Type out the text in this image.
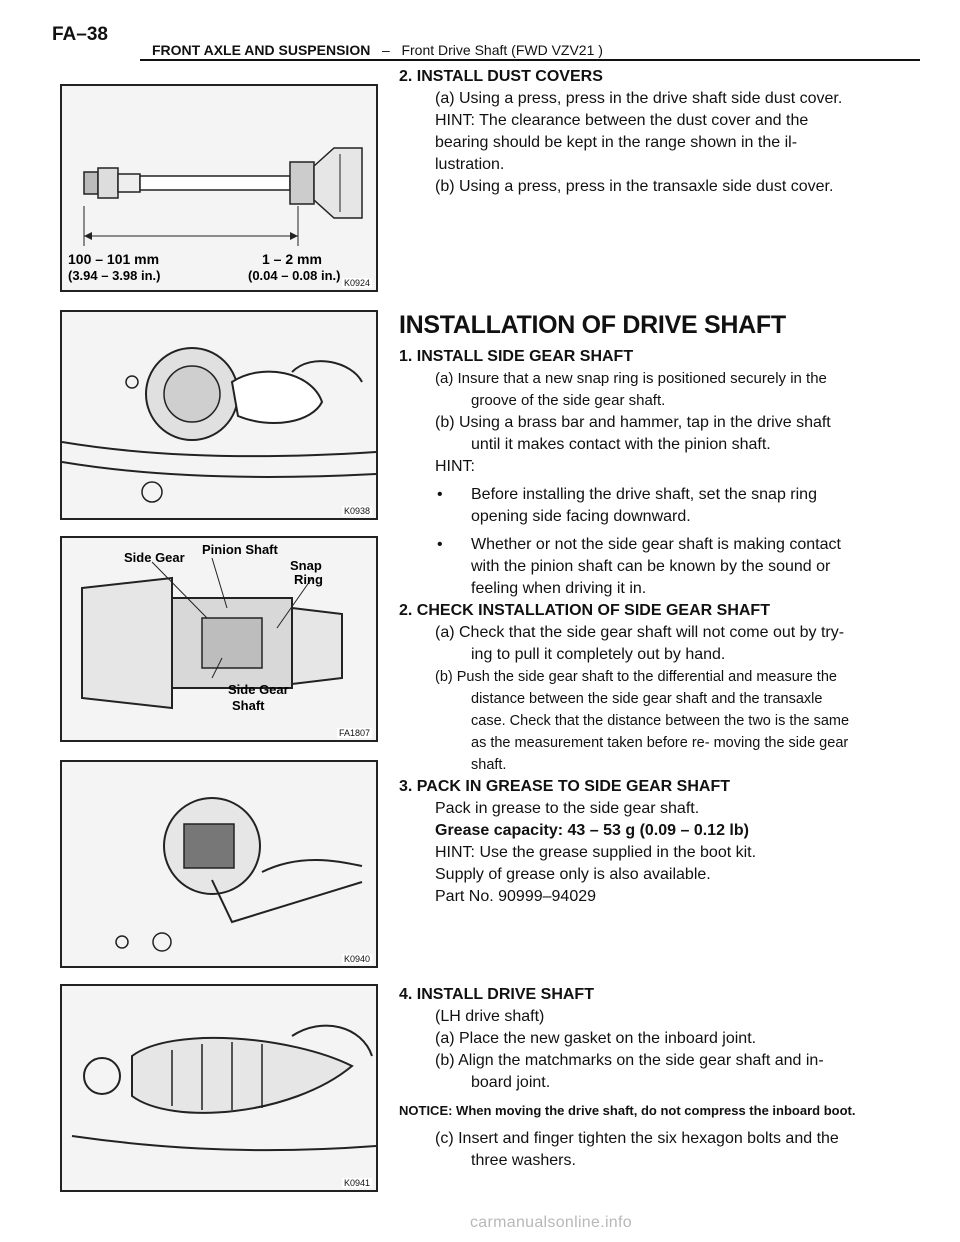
FA–38
FRONT AXLE AND SUSPENSION – Front Drive Shaft (FWD VZV21 )
100 – 101 mm
(3.94 – 3.98 in.)
1 – 2 mm
(0.04 – 0.08 in.) K0924
K0938
Side Gear
Pinion Shaft
Snap
Ring
Side Gear
Shaft
FA1807
K0940
K0941
2. INSTALL DUST COVERS
(a) Using a press, press in the drive shaft side dust cover.
HINT: The clearance between the dust cover and the
bearing should be kept in the range shown in the il-
lustration.
(b) Using a press, press in the transaxle side dust cover.
INSTALLATION OF DRIVE SHAFT
1. INSTALL SIDE GEAR SHAFT
(a) Insure that a new snap ring is positioned securely in the groove of the side gear shaft.
(b) Using a brass bar and hammer, tap in the drive shaft until it makes contact with the pinion shaft.
HINT:
• Before installing the drive shaft, set the snap ring opening side facing downward.
• Whether or not the side gear shaft is making contact with the pinion shaft can be known by the sound or feeling when driving it in.
2. CHECK INSTALLATION OF SIDE GEAR SHAFT
(a) Check that the side gear shaft will not come out by try- ing to pull it completely out by hand.
(b) Push the side gear shaft to the differential and measure the distance between the side gear shaft and the transaxle case. Check that the distance between the two is the same as the measurement taken before re- moving the side gear shaft.
3. PACK IN GREASE TO SIDE GEAR SHAFT
Pack in grease to the side gear shaft.
Grease capacity: 43 – 53 g (0.09 – 0.12 lb)
HINT: Use the grease supplied in the boot kit.
Supply of grease only is also available.
Part No. 90999–94029
4. INSTALL DRIVE SHAFT
(LH drive shaft)
(a) Place the new gasket on the inboard joint.
(b) Align the matchmarks on the side gear shaft and in- board joint.
NOTICE: When moving the drive shaft, do not compress the inboard boot.
(c) Insert and finger tighten the six hexagon bolts and the three washers.
carmanualsonline.info
